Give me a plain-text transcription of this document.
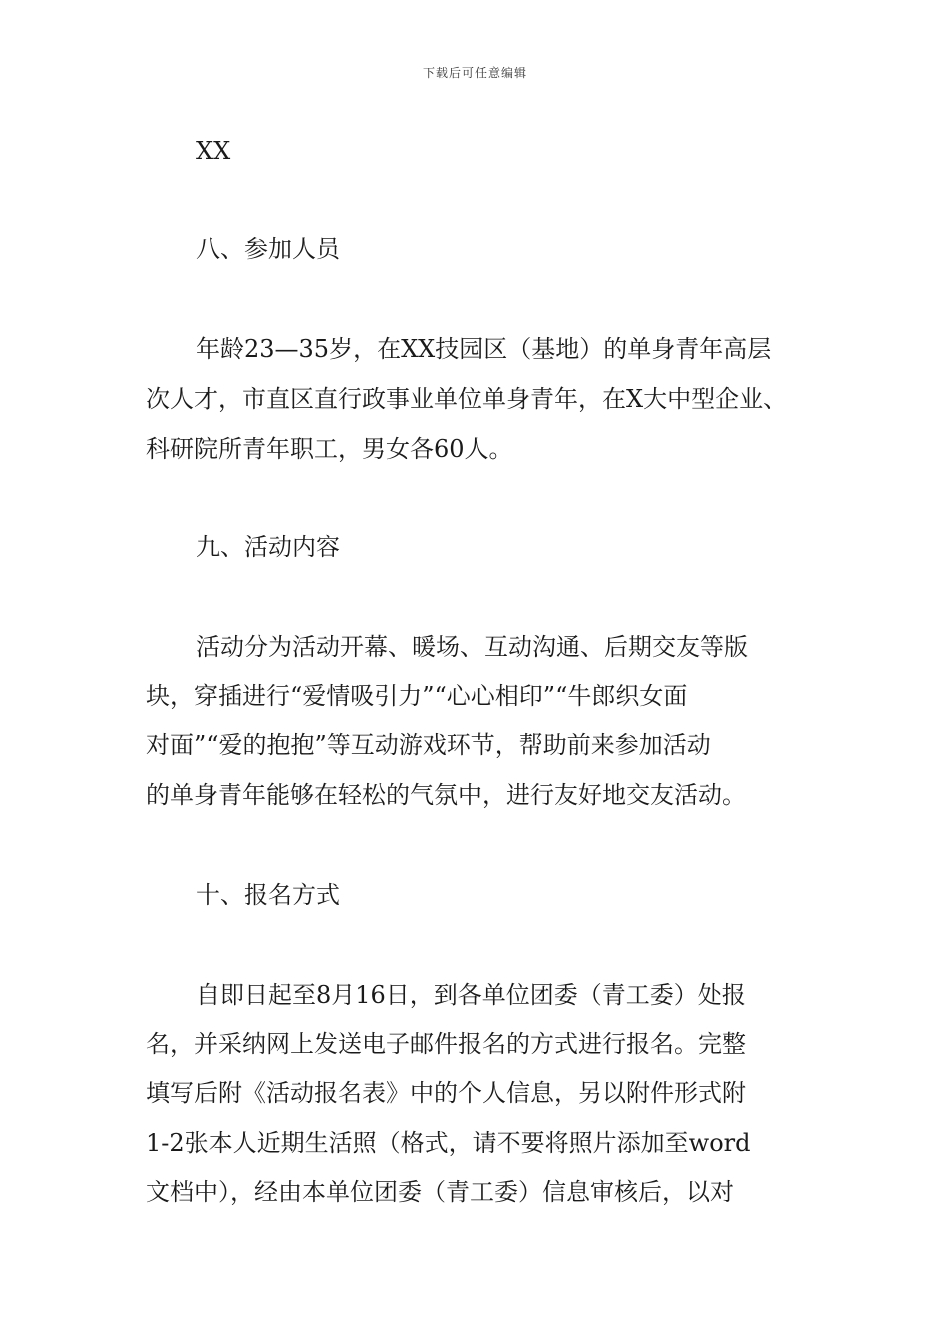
下载后可任意编辑
XX
八、参加人员
年龄23—35岁，在XX技园区（基地）的单身青年高层
次人才，市直区直行政事业单位单身青年，在X大中型企业、
科研院所青年职工，男女各60人。
九、活动内容
活动分为活动开幕、暖场、互动沟通、后期交友等版
块，穿插进行“爱情吸引力”“心心相印”“牛郎织女面
对面”“爱的抱抱”等互动游戏环节，帮助前来参加活动
的单身青年能够在轻松的气氛中，进行友好地交友活动。
十、报名方式
自即日起至8月16日，到各单位团委（青工委）处报
名，并采纳网上发送电子邮件报名的方式进行报名。完整
填写后附《活动报名表》中的个人信息，另以附件形式附
1-2张本人近期生活照（格式，请不要将照片添加至word
文档中），经由本单位团委（青工委）信息审核后，以对
